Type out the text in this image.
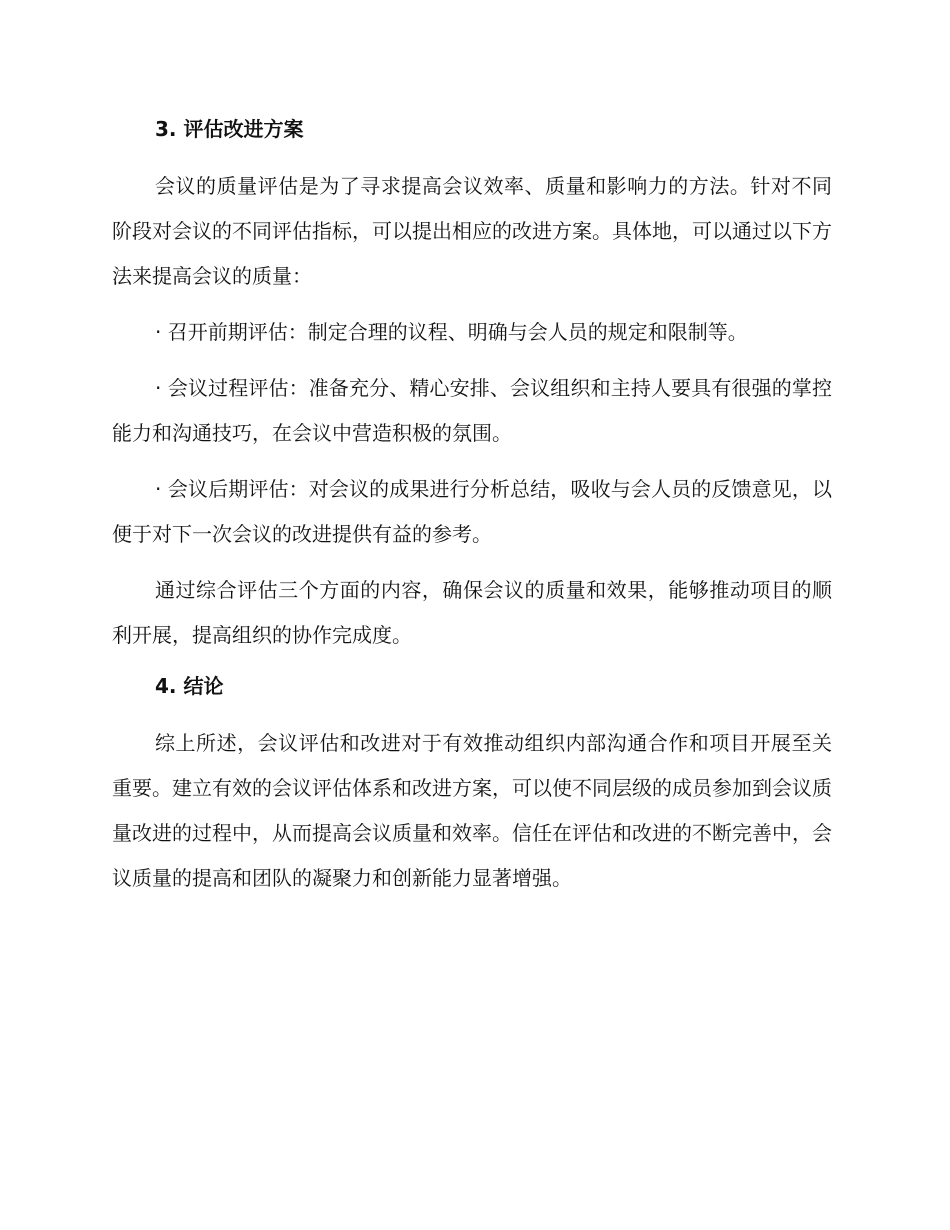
3. 评估改进方案

会议的质量评估是为了寻求提高会议效率、质量和影响力的方法。针对不同阶段对会议的不同评估指标，可以提出相应的改进方案。具体地，可以通过以下方法来提高会议的质量：

· 召开前期评估：制定合理的议程、明确与会人员的规定和限制等。

· 会议过程评估：准备充分、精心安排、会议组织和主持人要具有很强的掌控能力和沟通技巧，在会议中营造积极的氛围。

· 会议后期评估：对会议的成果进行分析总结，吸收与会人员的反馈意见，以便于对下一次会议的改进提供有益的参考。

通过综合评估三个方面的内容，确保会议的质量和效果，能够推动项目的顺利开展，提高组织的协作完成度。

4. 结论

综上所述，会议评估和改进对于有效推动组织内部沟通合作和项目开展至关重要。建立有效的会议评估体系和改进方案，可以使不同层级的成员参加到会议质量改进的过程中，从而提高会议质量和效率。信任在评估和改进的不断完善中，会议质量的提高和团队的凝聚力和创新能力显著增强。
